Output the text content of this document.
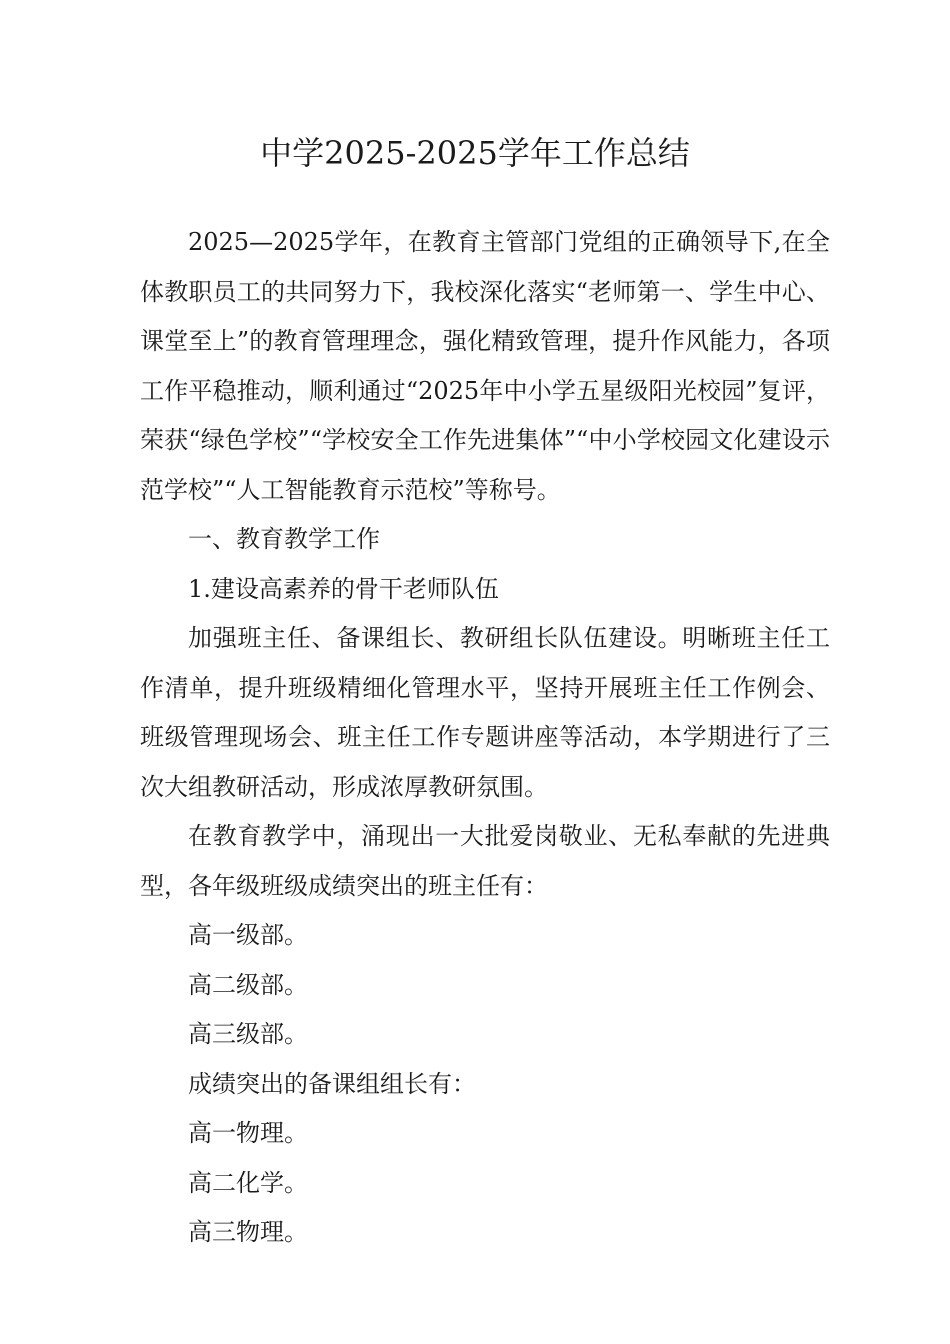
中学2025-2025学年工作总结

2025—2025学年，在教育主管部门党组的正确领导下,在全体教职员工的共同努力下，我校深化落实“老师第一、学生中心、课堂至上”的教育管理理念，强化精致管理，提升作风能力，各项工作平稳推动，顺利通过“2025年中小学五星级阳光校园”复评，荣获“绿色学校”“学校安全工作先进集体”“中小学校园文化建设示范学校”“人工智能教育示范校”等称号。

一、教育教学工作

1.建设高素养的骨干老师队伍

加强班主任、备课组长、教研组长队伍建设。明晰班主任工作清单，提升班级精细化管理水平，坚持开展班主任工作例会、班级管理现场会、班主任工作专题讲座等活动，本学期进行了三次大组教研活动，形成浓厚教研氛围。

在教育教学中，涌现出一大批爱岗敬业、无私奉献的先进典型，各年级班级成绩突出的班主任有：

高一级部。

高二级部。

高三级部。

成绩突出的备课组组长有：

高一物理。

高二化学。

高三物理。
